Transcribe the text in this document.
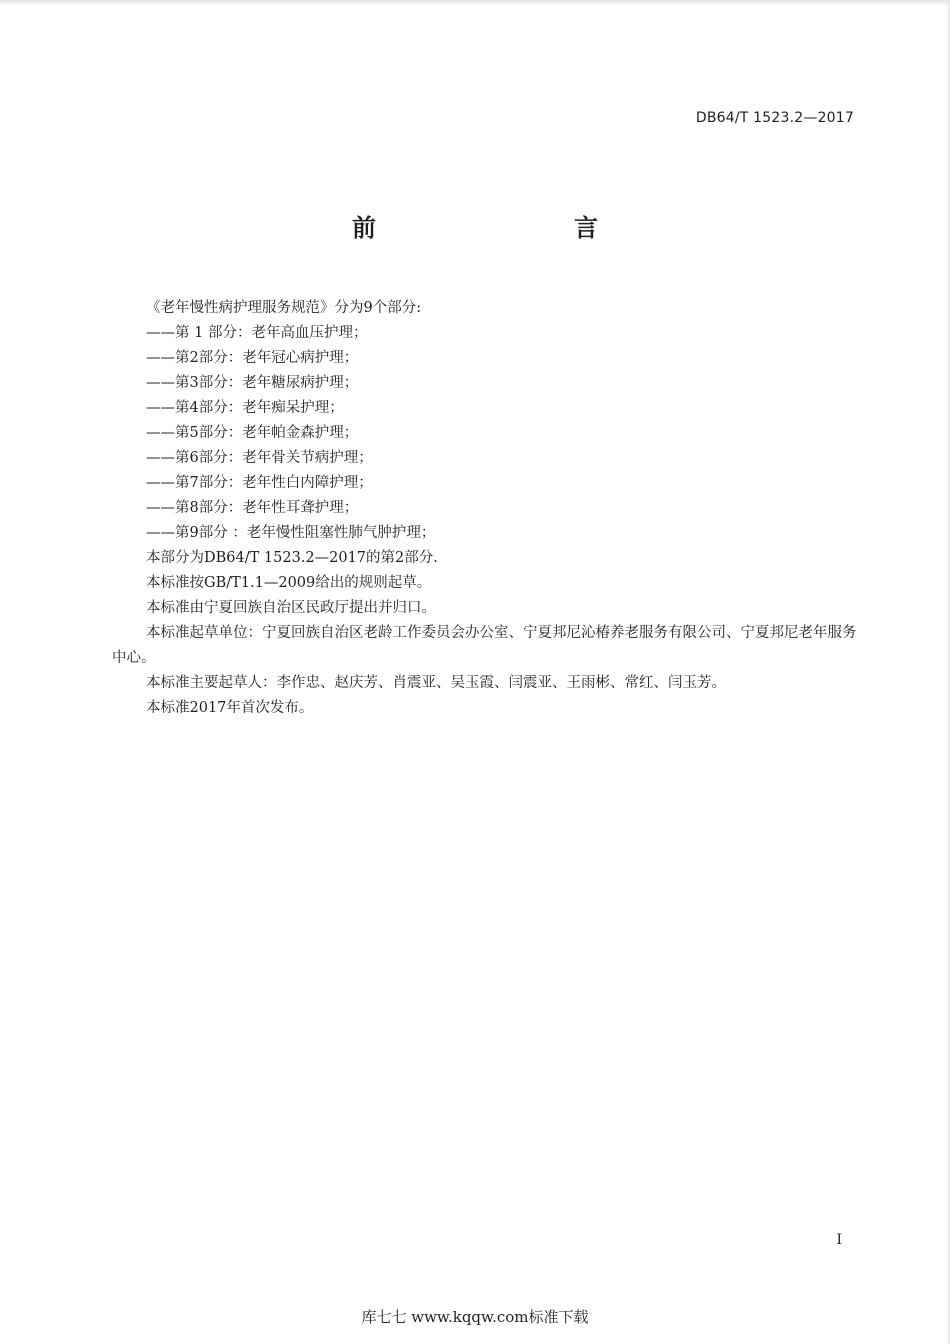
DB64/T 1523.2—2017
前　　言

《老年慢性病护理服务规范》分为9个部分:

——第 1 部分：老年高血压护理；

——第2部分：老年冠心病护理；

——第3部分：老年糖尿病护理；

——第4部分：老年痴呆护理；

——第5部分：老年帕金森护理；

——第6部分：老年骨关节病护理；

——第7部分：老年性白内障护理；

——第8部分：老年性耳聋护理；

——第9部分 ：老年慢性阻塞性肺气肿护理；

本部分为DB64/T 1523.2—2017的第2部分.

本标准按GB/T1.1—2009给出的规则起草。

本标准由宁夏回族自治区民政厅提出并归口。

本标准起草单位：宁夏回族自治区老龄工作委员会办公室、宁夏邦尼沁椿养老服务有限公司、宁夏邦尼老年服务中心。

本标准主要起草人：李作忠、赵庆芳、肖震亚、吴玉霞、闫震亚、王雨彬、常红、闫玉芳。

本标准2017年首次发布。

I
库七七 www.kqqw.com标准下载
